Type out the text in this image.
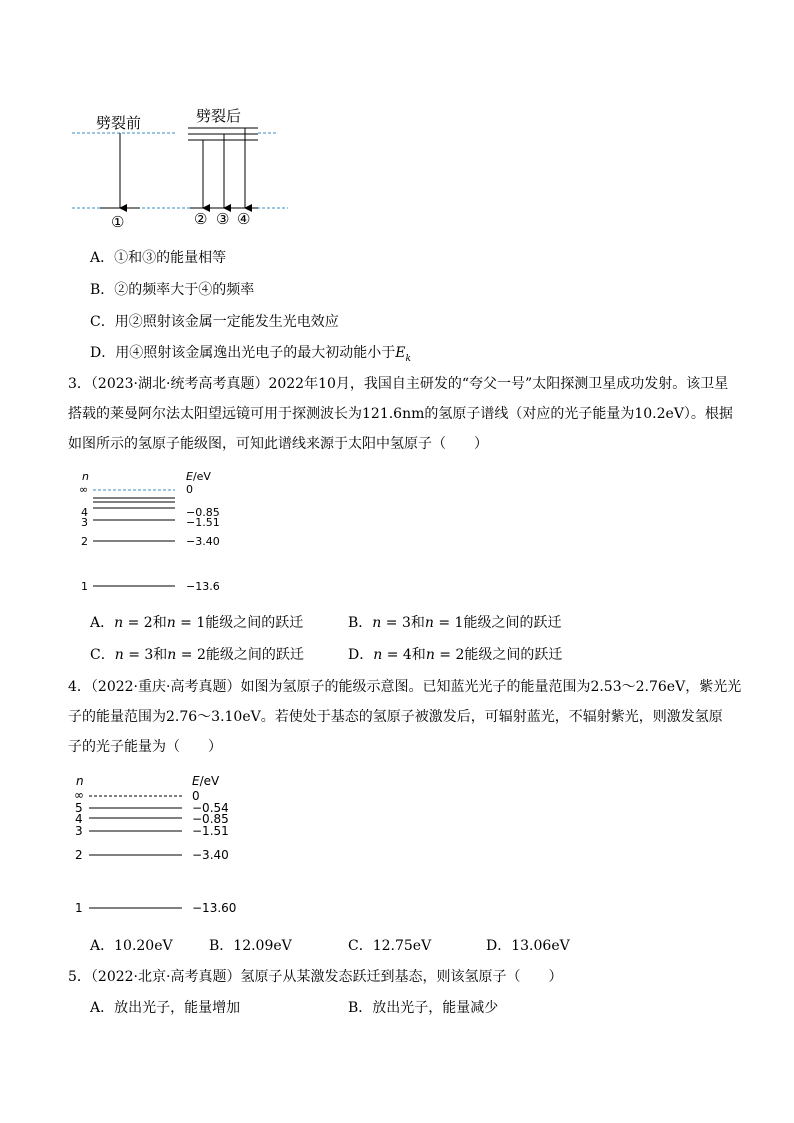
劈裂前	劈裂后
①	② ③ ④
A．①和③的能量相等
B．②的频率大于④的频率
C．用②照射该金属一定能发生光电效应
D．用④照射该金属逸出光电子的最大初动能小于$E_k$
3．（2023·湖北·统考高考真题）2022年10月，我国自主研发的“夸父一号”太阳探测卫星成功发射。该卫星
搭载的莱曼阿尔法太阳望远镜可用于探测波长为121.6nm的氢原子谱线（对应的光子能量为10.2eV）。根据
如图所示的氢原子能级图，可知此谱线来源于太阳中氢原子（　　）
n	E/eV
∞	0
4	−0.85
3	−1.51
2	−3.40
1	−13.6
A．n = 2和n = 1能级之间的跃迁	B．n = 3和n = 1能级之间的跃迁
C．n = 3和n = 2能级之间的跃迁	D．n = 4和n = 2能级之间的跃迁
4．（2022·重庆·高考真题）如图为氢原子的能级示意图。已知蓝光光子的能量范围为2.53～2.76eV，紫光光
子的能量范围为2.76～3.10eV。若使处于基态的氢原子被激发后，可辐射蓝光，不辐射紫光，则激发氢原
子的光子能量为（　　）
n	E/eV
∞	0
5	−0.54
4	−0.85
3	−1.51
2	−3.40
1	−13.60
A．10.20eV	B．12.09eV	C．12.75eV	D．13.06eV
5．（2022·北京·高考真题）氢原子从某激发态跃迁到基态，则该氢原子（　　）
A．放出光子，能量增加	B．放出光子，能量减少
